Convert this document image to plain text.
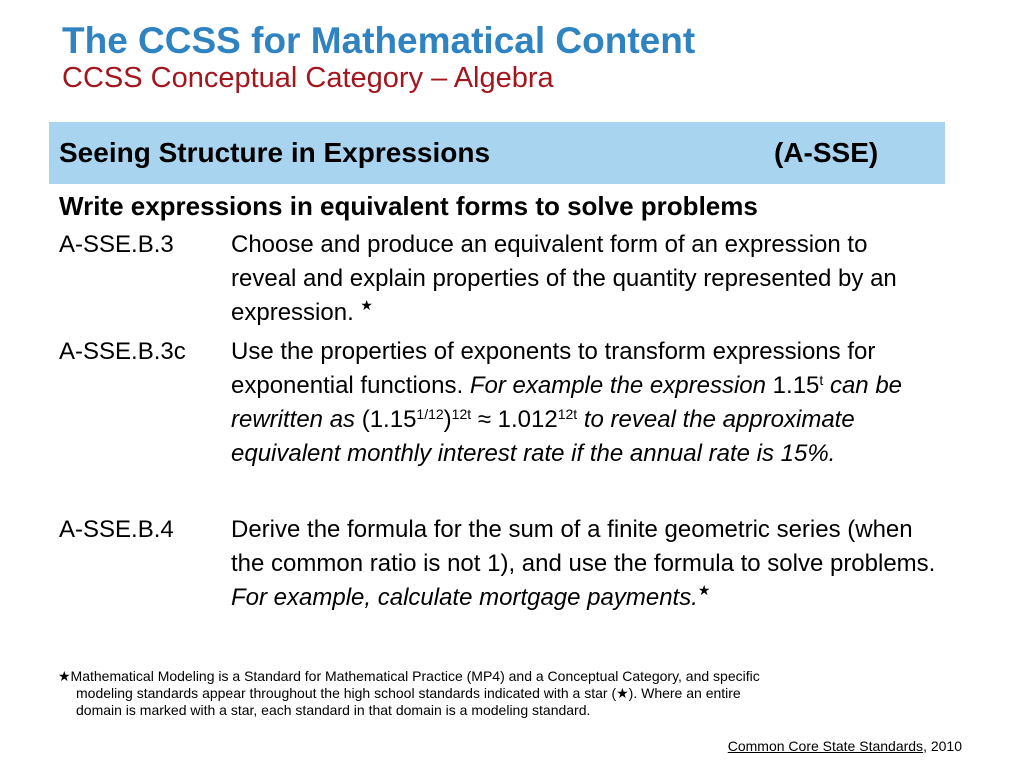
The CCSS for Mathematical Content
CCSS Conceptual Category – Algebra
Seeing Structure in Expressions	(A-SSE)
Write expressions in equivalent forms to solve problems
A-SSE.B.3 Choose and produce an equivalent form of an expression to reveal and explain properties of the quantity represented by an expression. ★
A-SSE.B.3c Use the properties of exponents to transform expressions for exponential functions. For example the expression 1.15$^t$ can be rewritten as $(1.15^{1/12})^{12t} \approx 1.012^{12t}$ to reveal the approximate equivalent monthly interest rate if the annual rate is 15%.
A-SSE.B.4 Derive the formula for the sum of a finite geometric series (when the common ratio is not 1), and use the formula to solve problems. For example, calculate mortgage payments.★
★Mathematical Modeling is a Standard for Mathematical Practice (MP4) and a Conceptual Category, and specific
modeling standards appear throughout the high school standards indicated with a star (★). Where an entire
domain is marked with a star, each standard in that domain is a modeling standard.
Common Core State Standards, 2010
